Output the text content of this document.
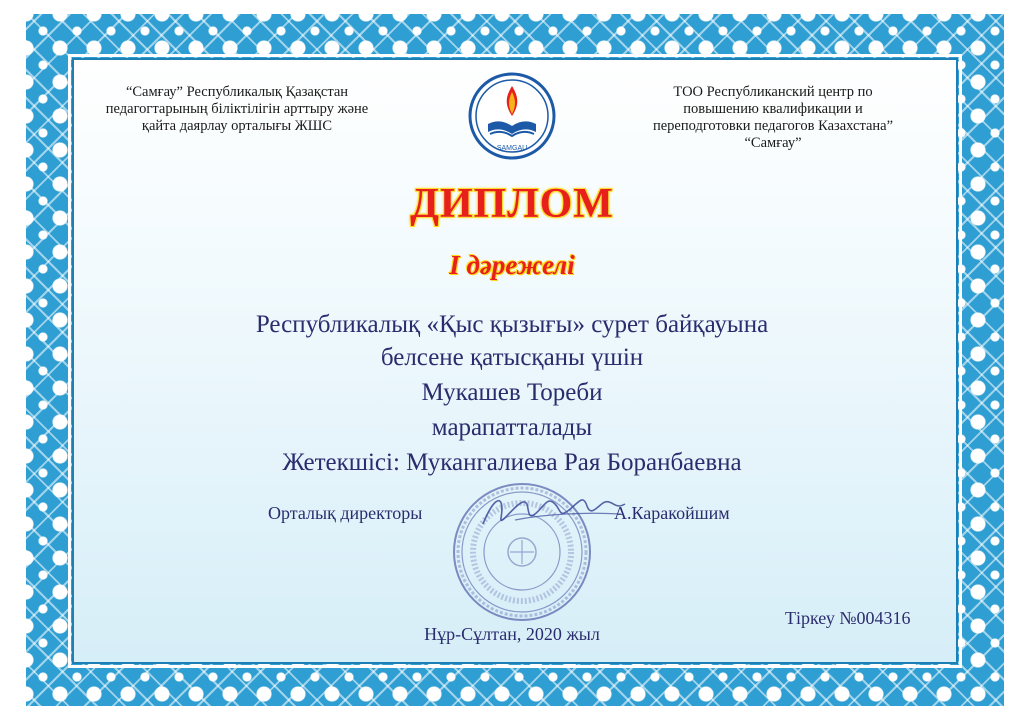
“Самғау” Республикалық Қазақстан
педагогтарының біліктілігін арттыру және
қайта даярлау орталығы ЖШС
ТОО Республиканский центр по
повышению квалификации и
переподготовки педагогов Казахстана”
“Самғау”
SAMGAU
ДИПЛОМ
І дәрежелі
Республикалық «Қыс қызығы» сурет байқауына
белсене қатысқаны үшін
Мукашев Тореби
марапатталады
Жетекшісі: Мукангалиева Рая Боранбаевна
Орталық директоры	А.Каракойшим
Тіркеу №004316
Нұр-Сұлтан, 2020 жыл
